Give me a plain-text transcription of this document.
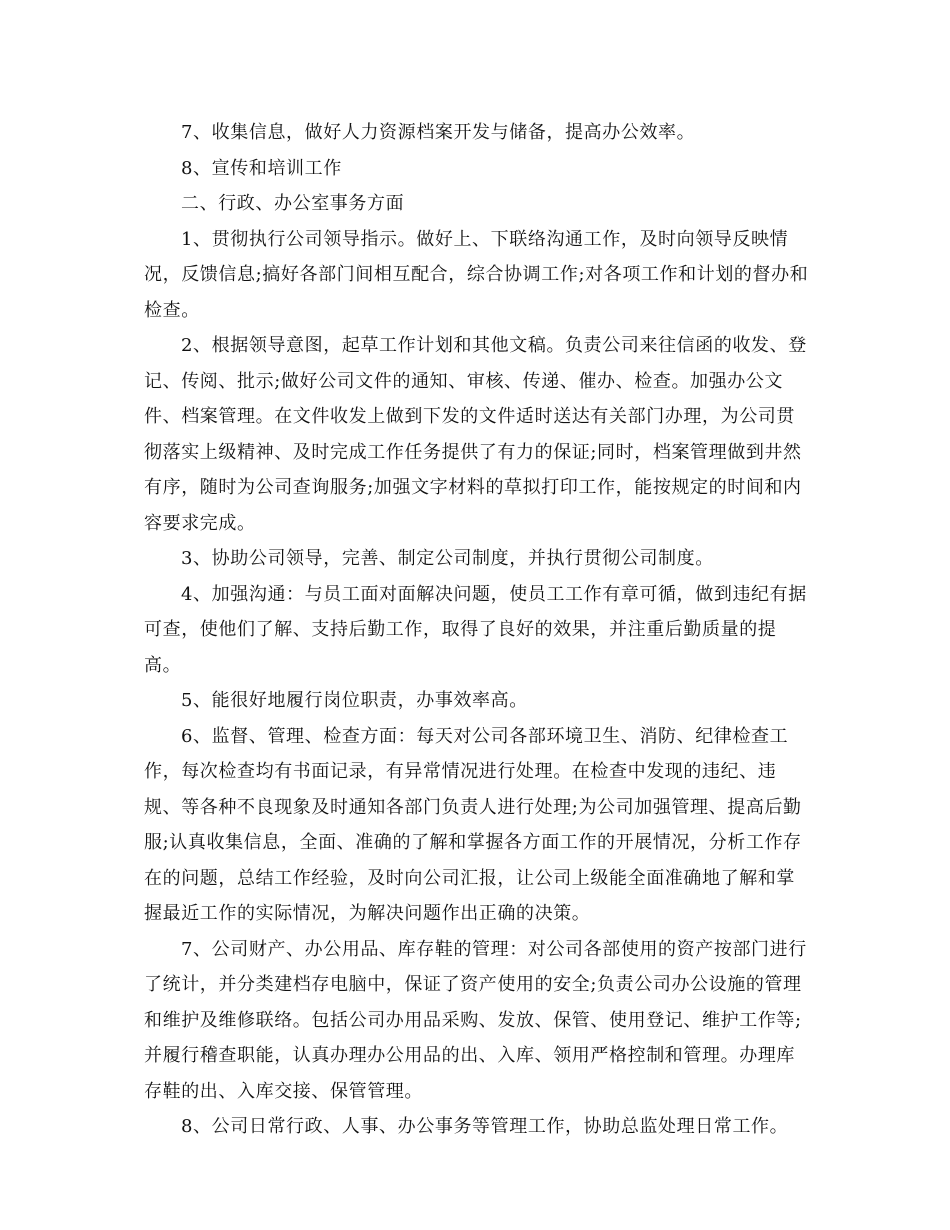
7、收集信息，做好人力资源档案开发与储备，提高办公效率。

8、宣传和培训工作

二、行政、办公室事务方面

1、贯彻执行公司领导指示。做好上、下联络沟通工作，及时向领导反映情况，反馈信息;搞好各部门间相互配合，综合协调工作;对各项工作和计划的督办和检查。

2、根据领导意图，起草工作计划和其他文稿。负责公司来往信函的收发、登记、传阅、批示;做好公司文件的通知、审核、传递、催办、检查。加强办公文件、档案管理。在文件收发上做到下发的文件适时送达有关部门办理，为公司贯彻落实上级精神、及时完成工作任务提供了有力的保证;同时，档案管理做到井然有序，随时为公司查询服务;加强文字材料的草拟打印工作，能按规定的时间和内容要求完成。

3、协助公司领导，完善、制定公司制度，并执行贯彻公司制度。

4、加强沟通：与员工面对面解决问题，使员工工作有章可循，做到违纪有据可查，使他们了解、支持后勤工作，取得了良好的效果，并注重后勤质量的提高。

5、能很好地履行岗位职责，办事效率高。

6、监督、管理、检查方面：每天对公司各部环境卫生、消防、纪律检查工作，每次检查均有书面记录，有异常情况进行处理。在检查中发现的违纪、违规、等各种不良现象及时通知各部门负责人进行处理;为公司加强管理、提高后勤服;认真收集信息，全面、准确的了解和掌握各方面工作的开展情况，分析工作存在的问题，总结工作经验，及时向公司汇报，让公司上级能全面准确地了解和掌握最近工作的实际情况，为解决问题作出正确的决策。

7、公司财产、办公用品、库存鞋的管理：对公司各部使用的资产按部门进行了统计，并分类建档存电脑中，保证了资产使用的安全;负责公司办公设施的管理和维护及维修联络。包括公司办用品采购、发放、保管、使用登记、维护工作等;并履行稽查职能，认真办理办公用品的出、入库、领用严格控制和管理。办理库存鞋的出、入库交接、保管管理。

8、公司日常行政、人事、办公事务等管理工作，协助总监处理日常工作。
